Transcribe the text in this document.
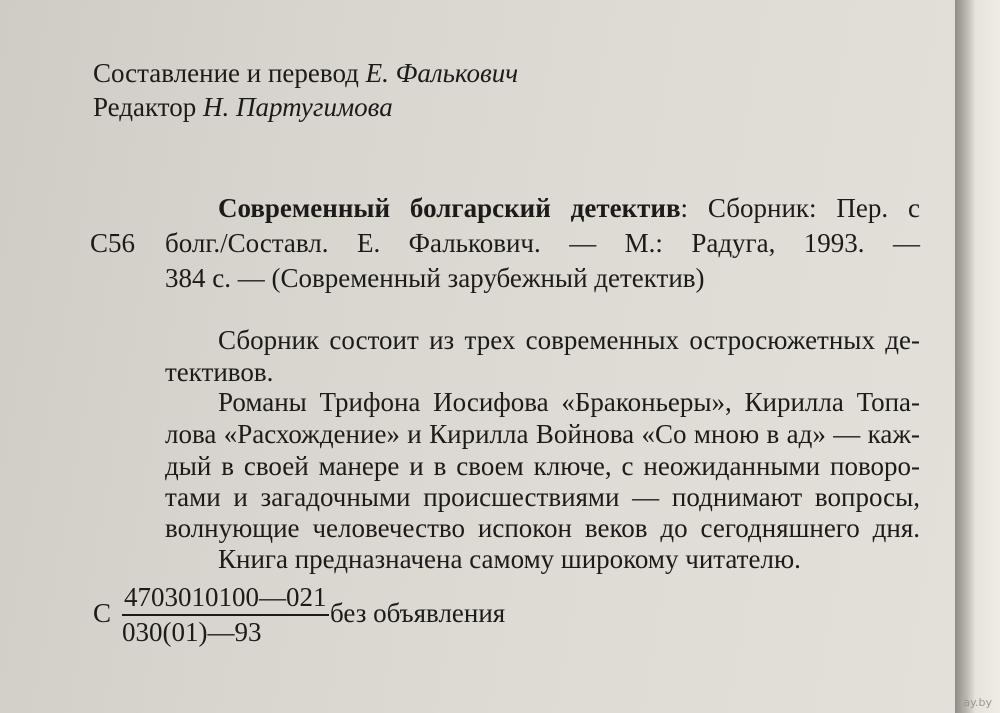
Составление и перевод Е. Фалькович
Редактор Н. Партугимова
С56
Современный болгарский детектив: Сборник: Пер. с
болг./Составл. Е. Фалькович. — М.: Радуга, 1993. —
384 с. — (Современный зарубежный детектив)
Сборник состоит из трех современных остросюжетных де-
тективов.
Романы Трифона Иосифова «Браконьеры», Кирилла Топа-
лова «Расхождение» и Кирилла Войнова «Со мною в ад» — каж-
дый в своей манере и в своем ключе, с неожиданными поворо-
тами и загадочными происшествиями — поднимают вопросы,
волнующие человечество испокон веков до сегодняшнего дня.
Книга предназначена самому широкому читателю.
С
4703010100—021
030(01)—93
без объявления
ay.by
